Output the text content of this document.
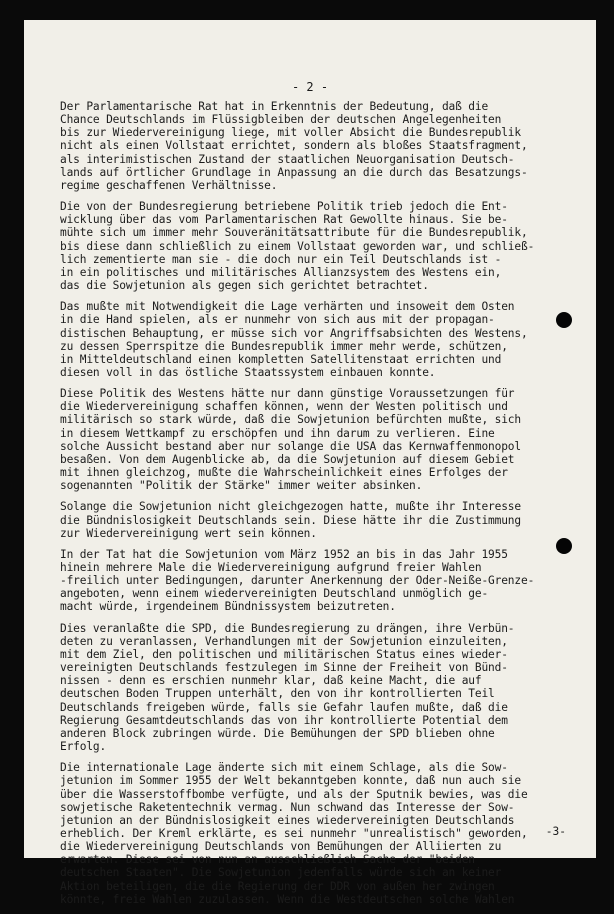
- 2 -

Der Parlamentarische Rat hat in Erkenntnis der Bedeutung, daß die
Chance Deutschlands im Flüssigbleiben der deutschen Angelegenheiten
bis zur Wiedervereinigung liege, mit voller Absicht die Bundesrepublik
nicht als einen Vollstaat errichtet, sondern als bloßes Staatsfragment,
als interimistischen Zustand der staatlichen Neuorganisation Deutsch-
lands auf örtlicher Grundlage in Anpassung an die durch das Besatzungs-
regime geschaffenen Verhältnisse.

Die von der Bundesregierung betriebene Politik trieb jedoch die Ent-
wicklung über das vom Parlamentarischen Rat Gewollte hinaus. Sie be-
mühte sich um immer mehr Souveränitätsattribute für die Bundesrepublik,
bis diese dann schließlich zu einem Vollstaat geworden war, und schließ-
lich zementierte man sie - die doch nur ein Teil Deutschlands ist -
in ein politisches und militärisches Allianzsystem des Westens ein,
das die Sowjetunion als gegen sich gerichtet betrachtet.

Das mußte mit Notwendigkeit die Lage verhärten und insoweit dem Osten
in die Hand spielen, als er nunmehr von sich aus mit der propagan-
distischen Behauptung, er müsse sich vor Angriffsabsichten des Westens,
zu dessen Sperrspitze die Bundesrepublik immer mehr werde, schützen,
in Mitteldeutschland einen kompletten Satellitenstaat errichten und
diesen voll in das östliche Staatssystem einbauen konnte.

Diese Politik des Westens hätte nur dann günstige Voraussetzungen für
die Wiedervereinigung schaffen können, wenn der Westen politisch und
militärisch so stark würde, daß die Sowjetunion befürchten mußte, sich
in diesem Wettkampf zu erschöpfen und ihn darum zu verlieren. Eine
solche Aussicht bestand aber nur solange die USA das Kernwaffenmonopol
besaßen. Von dem Augenblicke ab, da die Sowjetunion auf diesem Gebiet
mit ihnen gleichzog, mußte die Wahrscheinlichkeit eines Erfolges der
sogenannten "Politik der Stärke" immer weiter absinken.

Solange die Sowjetunion nicht gleichgezogen hatte, mußte ihr Interesse
die Bündnislosigkeit Deutschlands sein. Diese hätte ihr die Zustimmung
zur Wiedervereinigung wert sein können.

In der Tat hat die Sowjetunion vom März 1952 an bis in das Jahr 1955
hinein mehrere Male die Wiedervereinigung aufgrund freier Wahlen
-freilich unter Bedingungen, darunter Anerkennung der Oder-Neiße-Grenze-
angeboten, wenn einem wiedervereinigten Deutschland unmöglich ge-
macht würde, irgendeinem Bündnissystem beizutreten.

Dies veranlaßte die SPD, die Bundesregierung zu drängen, ihre Verbün-
deten zu veranlassen, Verhandlungen mit der Sowjetunion einzuleiten,
mit dem Ziel, den politischen und militärischen Status eines wieder-
vereinigten Deutschlands festzulegen im Sinne der Freiheit von Bünd-
nissen - denn es erschien nunmehr klar, daß keine Macht, die auf
deutschen Boden Truppen unterhält, den von ihr kontrollierten Teil
Deutschlands freigeben würde, falls sie Gefahr laufen mußte, daß die
Regierung Gesamtdeutschlands das von ihr kontrollierte Potential dem
anderen Block zubringen würde. Die Bemühungen der SPD blieben ohne
Erfolg.

Die internationale Lage änderte sich mit einem Schlage, als die Sow-
jetunion im Sommer 1955 der Welt bekanntgeben konnte, daß nun auch sie
über die Wasserstoffbombe verfügte, und als der Sputnik bewies, was die
sowjetische Raketentechnik vermag. Nun schwand das Interesse der Sow-
jetunion an der Bündnislosigkeit eines wiedervereinigten Deutschlands
erheblich. Der Kreml erklärte, es sei nunmehr "unrealistisch" geworden,
die Wiedervereinigung Deutschlands von Bemühungen der Alliierten zu
erwarten. Diese sei von nun an ausschließlich Sache der "beiden
deutschen Staaten". Die Sowjetunion jedenfalls würde sich an keiner
Aktion beteiligen, die die Regierung der DDR von außen her zwingen
könnte, freie Wahlen zuzulassen. Wenn die Westdeutschen solche Wahlen

-3-
